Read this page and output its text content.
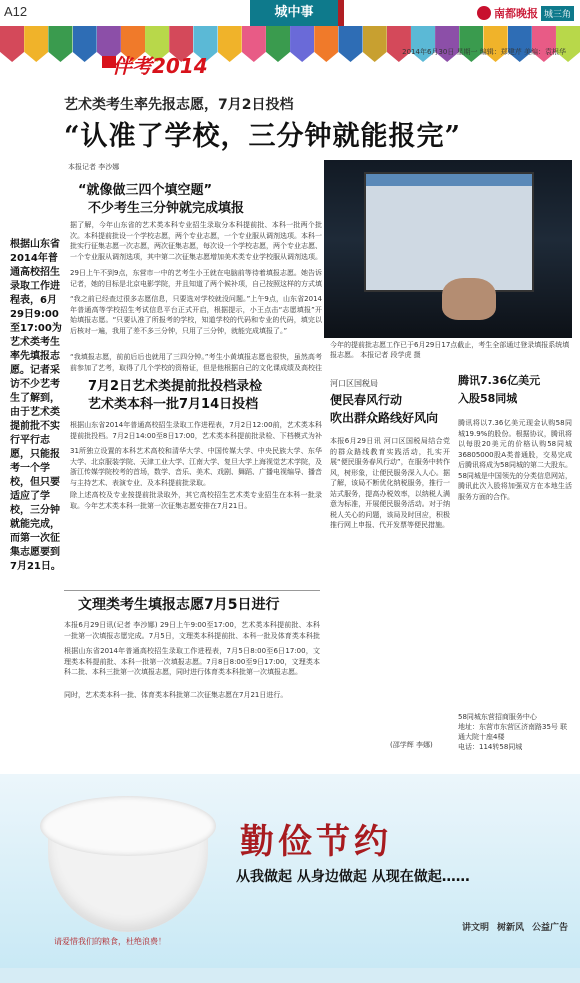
A12	城中事	南都晚报 城三角
伴考2014
2014年6月30日 星期一 编辑：郑建芹 美编：袁根华
艺术类考生率先报志愿，7月2日投档
“认准了学校，三分钟就能报完”
本报记者 李沙娜
今年的提前批志愿工作已于6月29日17点截止，考生全部通过登录填报系统填报志愿。 本报记者 段学虎 摄
“就像做三四个填空题”
不少考生三分钟就完成填报
根据山东省2014年普通高校招生录取工作进程表，6月29日9:00至17:00为艺术类考生率先填报志愿。记者采访不少艺考生了解到，由于艺术类提前批不实行平行志愿，只能报考一个学校，但只要适应了学校，三分钟就能完成，而第一次征集志愿要到7月21日。
据了解，今年山东省的艺术类本科专业招生录取分本科提前批、本科一批两个批次。本科提前批设一个学校志愿，两个专业志愿，一个专业服从调剂选项。本科一批实行征集志愿一次志愿，两次征集志愿，每次设一个学校志愿，两个专业志愿、一个专业服从调剂选项，其中第二次征集志愿增加美术类专业学校服从调剂选项。
29日上午不到9点，东营市一中的艺考生小王就在电脑前等待着填报志愿。她告诉记者，她的目标是北京电影学院，并且知道了两个候补项，自己按照这样的方式填
“我之前已经查过很多志愿信息，只要选对学校就没问题。”上午9点，山东省2014年普通高等学校招生考试信息平台正式开启，根据提示，小王点击“志愿填报”开始填报志愿。“只要认准了所报考的学校，知道学校的代码和专业的代码，填完以后核对一遍，我用了差不多三分钟，只用了三分钟，就能完成填报了。”
“我填报志愿，前前后后也就用了三四分钟。”考生小黄填报志愿也很快，虽然高考前参加了艺考，取得了几个学校的资格证，但是他根据自己的文化课成绩及高校往
7月2日艺术类提前批投档录检
艺术类本科一批7月14日投档
根据山东省2014年普通高校招生录取工作进程表，7月2日12:00前，艺术类本科提前批投档。7月2日14:00至8日17:00，艺术类本科提前批录检、下档模式为补
31所独立设置的本科艺术高校和清华大学、中国传媒大学、中央民族大学、东华大学、北京服装学院、天津工业大学、江南大学、复旦大学上海视觉艺术学院，及浙江传媒学院校考的首场，数学、音乐、美术、戏剧、舞蹈、广播电视编导、播音与主持艺术、表演专业，及本科提前批录取。
除上述高校及专业按提前批录取外，其它高校招生艺术类专业招生在本科一批录取。今年艺术类本科一批第一次征集志愿安排在7月21日。
文理类考生填报志愿7月5日进行
本报6月29日讯(记者 李沙娜) 29日上午9:00至17:00，艺术类本科提前批、本科一批第一次填报志愿完成。7月5日，文理类本科提前批、本科一批及体育类本科批
根据山东省2014年普通高校招生录取工作进程表，7月5日8:00至6日17:00，文理类本科提前批、本科一批第一次填报志愿。7月8日8:00至9日17:00，文理类本科二批、本科三批第一次填报志愿，同时进行体育类本科批第一次填报志愿。
同时，艺术类本科一批、体育类本科批第二次征集志愿在7月21日进行。
河口区国税局
便民春风行动
吹出群众路线好风向
本报6月29日讯 河口区国税局结合党的群众路线教育实践活动，扎实开展“便民服务春风行动”，在服务中转作风，树形象，让便民服务深入人心。据了解，该局不断优化纳税服务，推行一站式服务，提高办税效率，以纳税人满意为标准，开展便民服务活动。对于纳税人关心的问题，该局及时回应，积极推行网上申报、代开发票等便民措施。
(邵学辉 李娜)
腾讯7.36亿美元
入股58同城
腾讯将以7.36亿美元现金认购58同城19.9%的股份。根据协议，腾讯将以每股20美元的价格认购58同城36805000股A类普通股，交易完成后腾讯将成为58同城的第二大股东。58同城是中国领先的分类信息网站，腾讯此次入股将加强双方在本地生活服务方面的合作。
58同城东营招商服务中心
地址：东营市东营区济南路35号 联通大院十座4楼
电话：114转58同城
请爱惜我们的粮食，杜绝浪费！
勤俭节约
从我做起 从身边做起 从现在做起……
讲文明 树新风 公益广告
